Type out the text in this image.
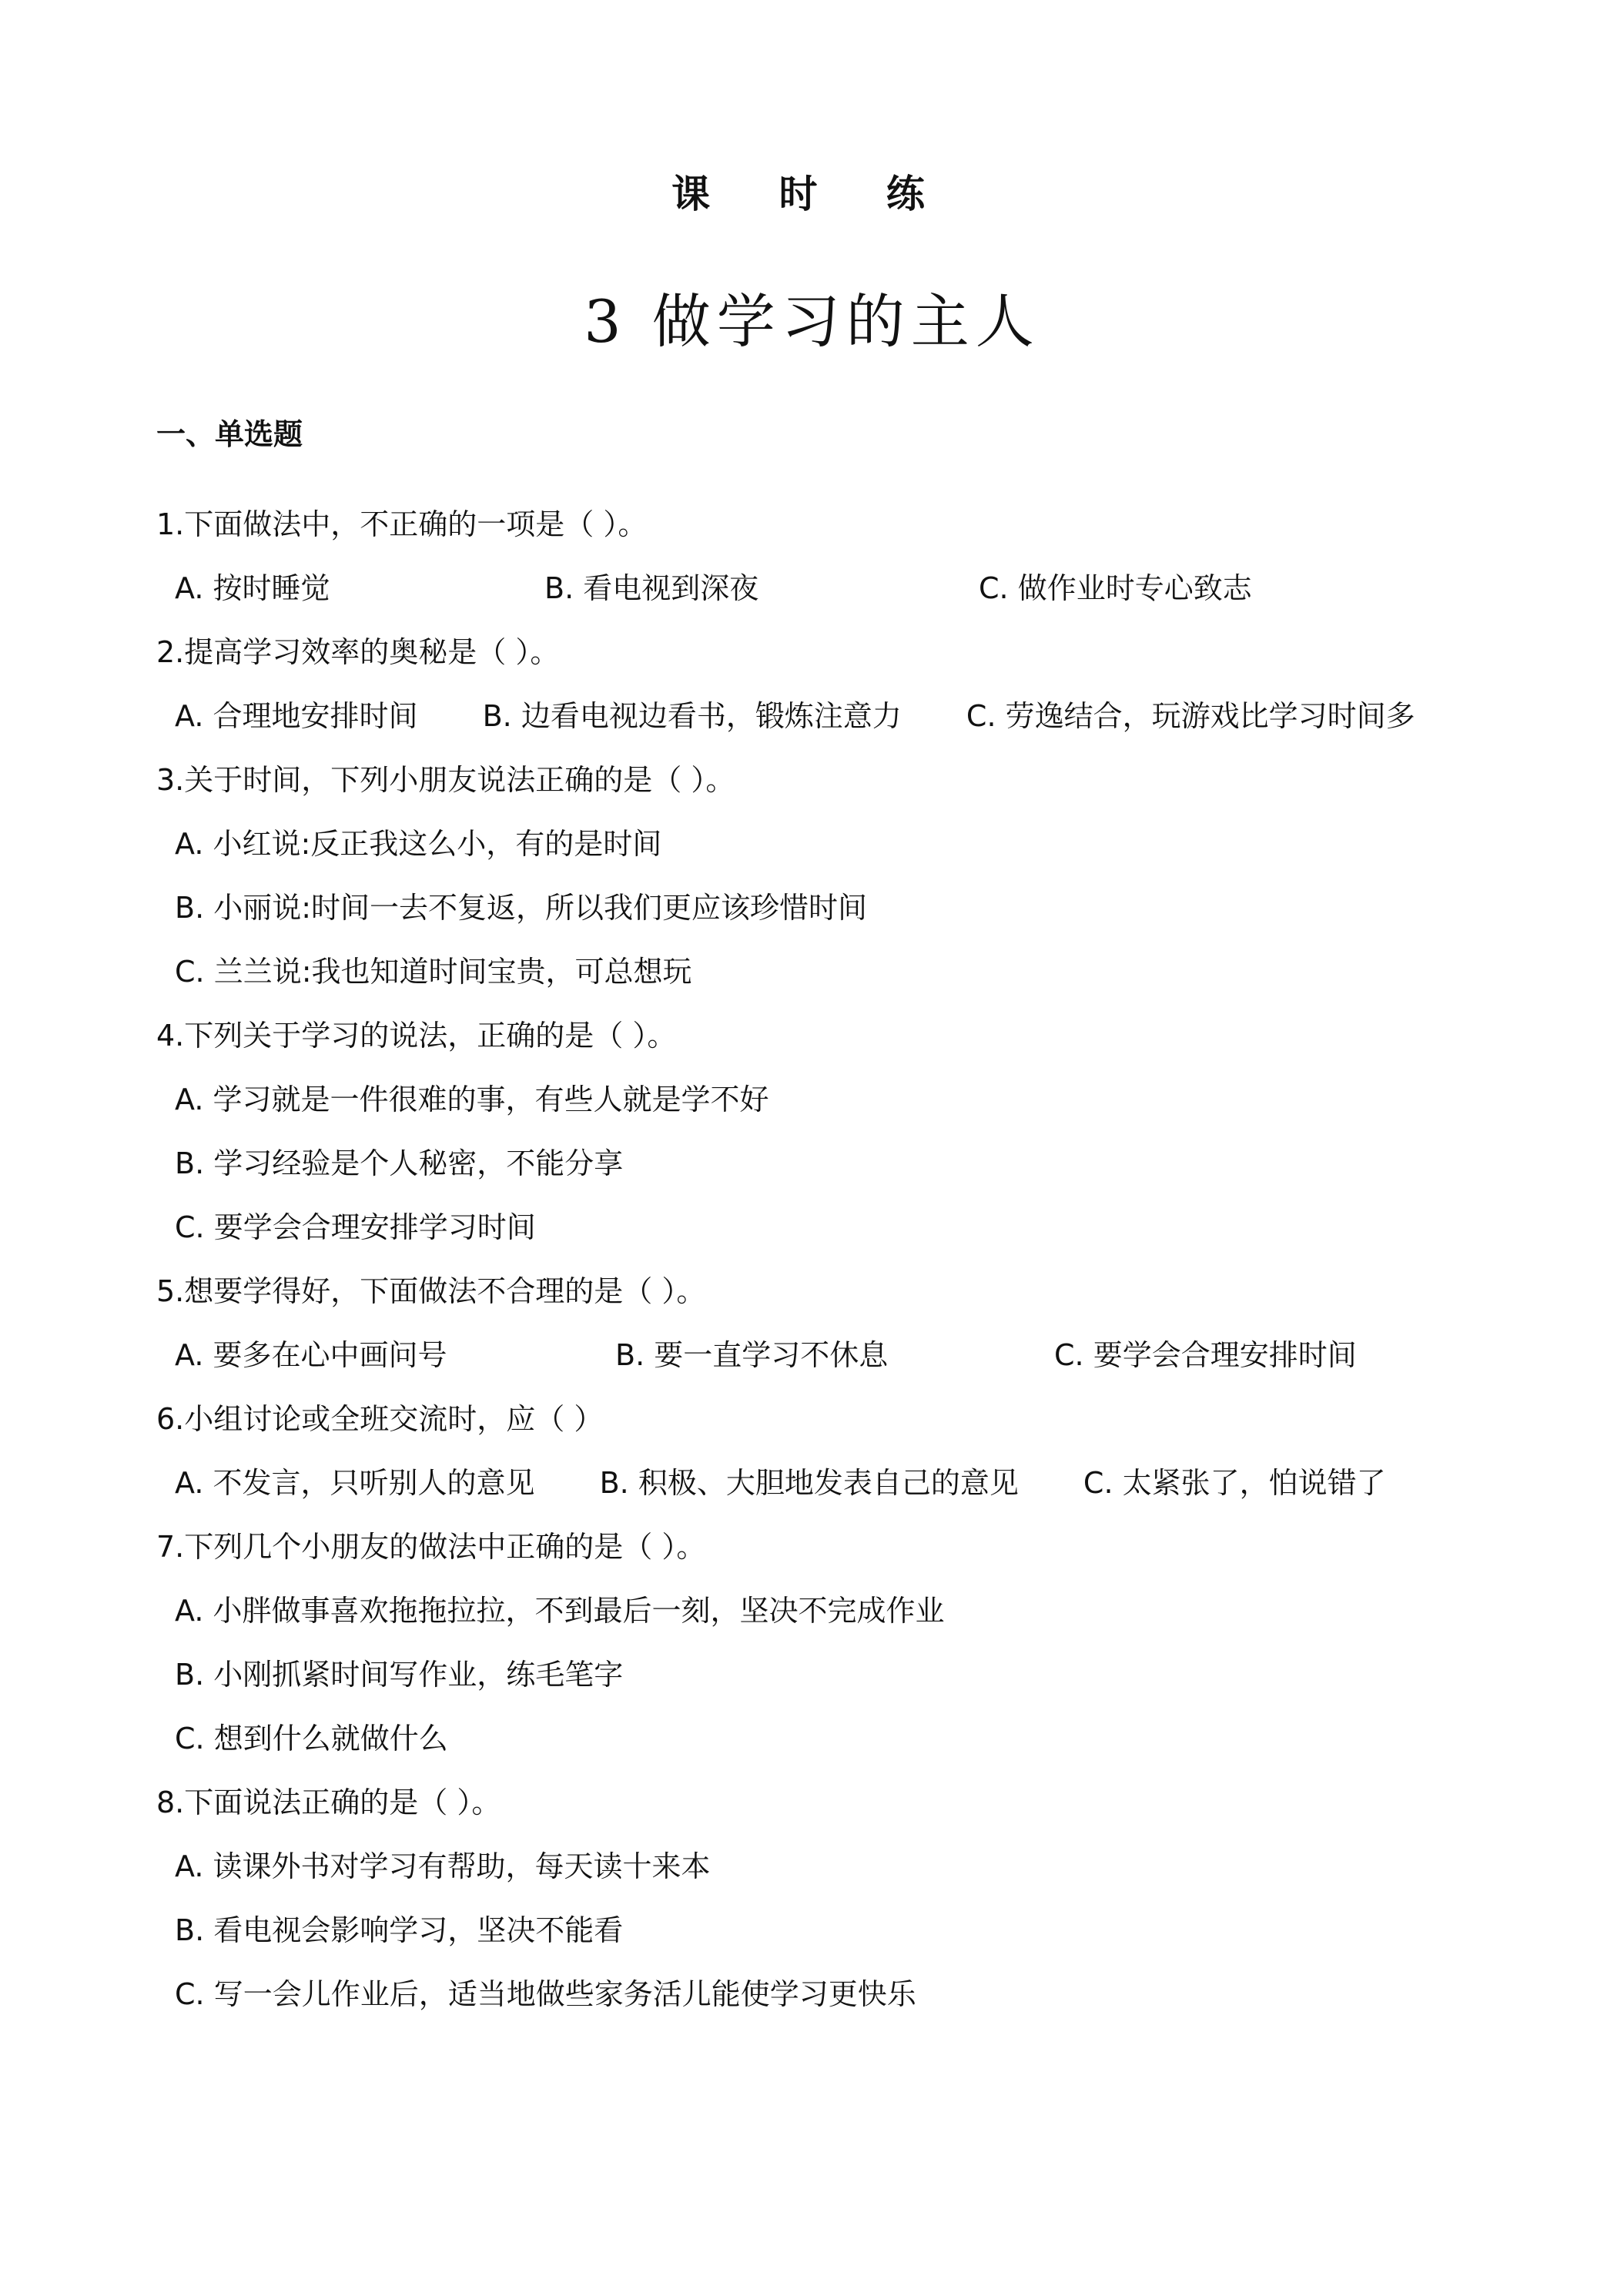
课 时 练
3 做学习的主人
一、单选题
1.下面做法中，不正确的一项是（ ）。
A. 按时睡觉	B. 看电视到深夜	C. 做作业时专心致志
2.提高学习效率的奥秘是（ ）。
A. 合理地安排时间 B. 边看电视边看书，锻炼注意力 C. 劳逸结合，玩游戏比学习时间多
3.关于时间，下列小朋友说法正确的是（ ）。
A. 小红说:反正我这么小，有的是时间
B. 小丽说:时间一去不复返，所以我们更应该珍惜时间
C. 兰兰说:我也知道时间宝贵，可总想玩
4.下列关于学习的说法，正确的是（ ）。
A. 学习就是一件很难的事，有些人就是学不好
B. 学习经验是个人秘密，不能分享
C. 要学会合理安排学习时间
5.想要学得好，下面做法不合理的是（ ）。
A. 要多在心中画问号	B. 要一直学习不休息	C. 要学会合理安排时间
6.小组讨论或全班交流时，应（ ）
A. 不发言，只听别人的意见 B. 积极、大胆地发表自己的意见 C. 太紧张了，怕说错了
7.下列几个小朋友的做法中正确的是（ ）。
A. 小胖做事喜欢拖拖拉拉，不到最后一刻，坚决不完成作业
B. 小刚抓紧时间写作业，练毛笔字
C. 想到什么就做什么
8.下面说法正确的是（ ）。
A. 读课外书对学习有帮助，每天读十来本
B. 看电视会影响学习，坚决不能看
C. 写一会儿作业后，适当地做些家务活儿能使学习更快乐
